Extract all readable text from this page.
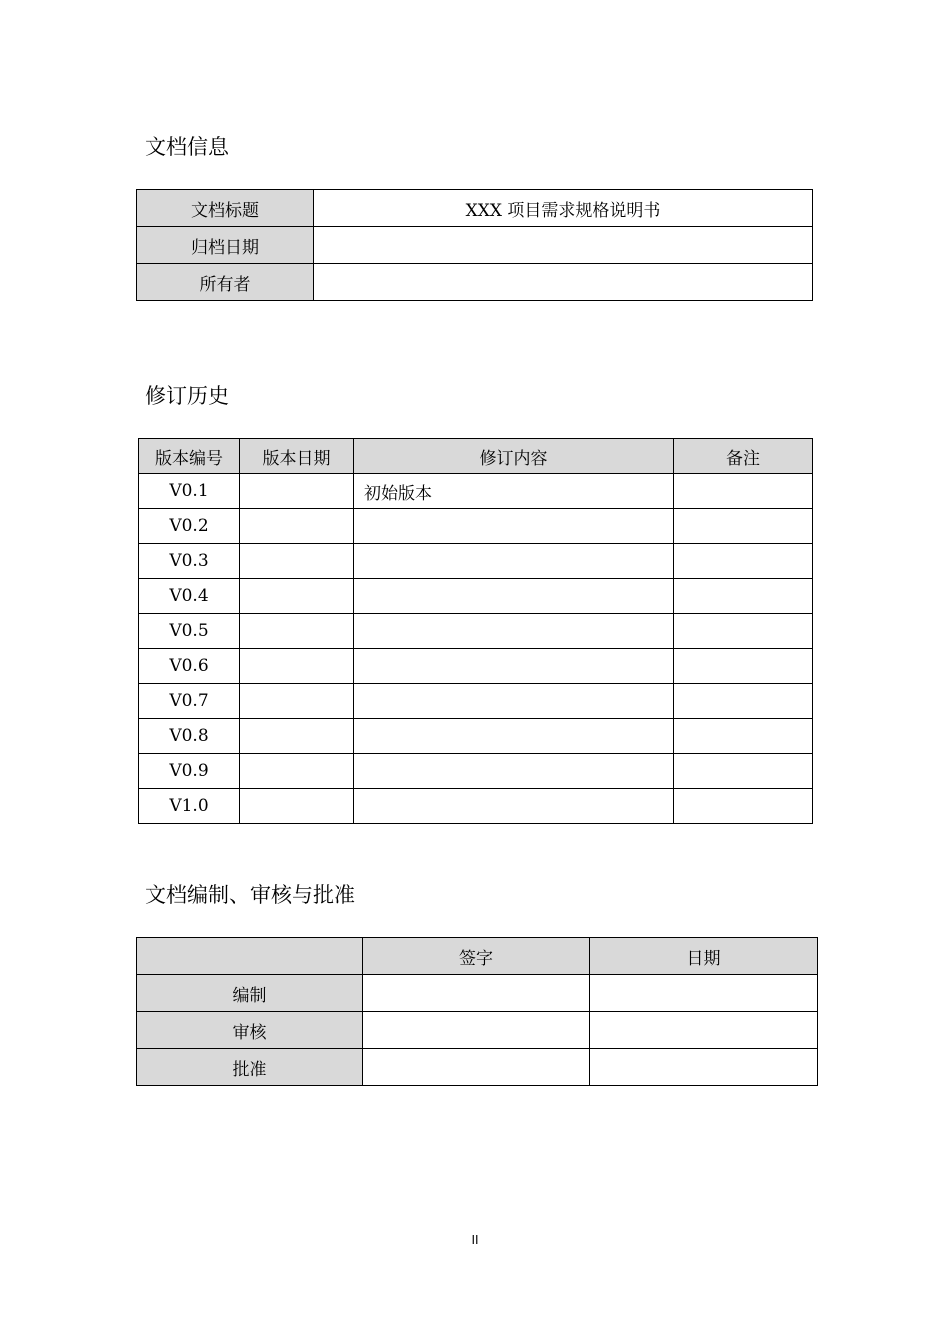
文档信息
文档标题	XXX 项目需求规格说明书
归档日期	
所有者	
修订历史
版本编号	版本日期	修订内容	备注
V0.1		初始版本	
V0.2			
V0.3			
V0.4			
V0.5			
V0.6			
V0.7			
V0.8			
V0.9			
V1.0			
文档编制、审核与批准
	签字	日期
编制		
审核		
批准		
II
